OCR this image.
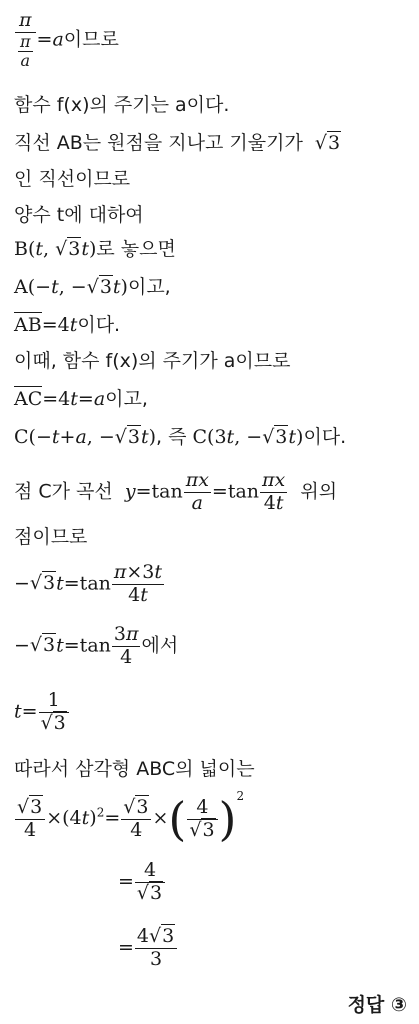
$\frac{\pi}{\frac{\pi}{a}} =a$이므로
함수 f(x)의 주기는 a이다.
직선 AB는 원점을 지나고 기울기가 √3
인 직선이므로
양수 t에 대하여
B(t, √3t)로 놓으면
A(−t, −√3t)이고,
AB=4t이다.
이때, 함수 f(x)의 주기가 a이므로
AC=4t=a이고,
C(−t+a, −√3t), 즉 C(3t, −√3t)이다.
점 C가 곡선 $y=\tan \frac{\pi x}{a} =\tan \frac{\pi x}{4t}$ 위의
점이므로
$-√3t=\tan \frac{\pi\times 3t}{4t}$
$-√3t=\tan \frac{3\pi}{4}$ 에서
$t= \frac{1}{√3}$
따라서 삼각형 ABC의 넓이는
$\frac{√3}{4} \times(4t)^2= \frac{√3}{4}$ ×( $\frac{4}{√3} )^2$
= $\frac{4}{√3}$
= $\frac{4√3}{3}$
정답 ③
